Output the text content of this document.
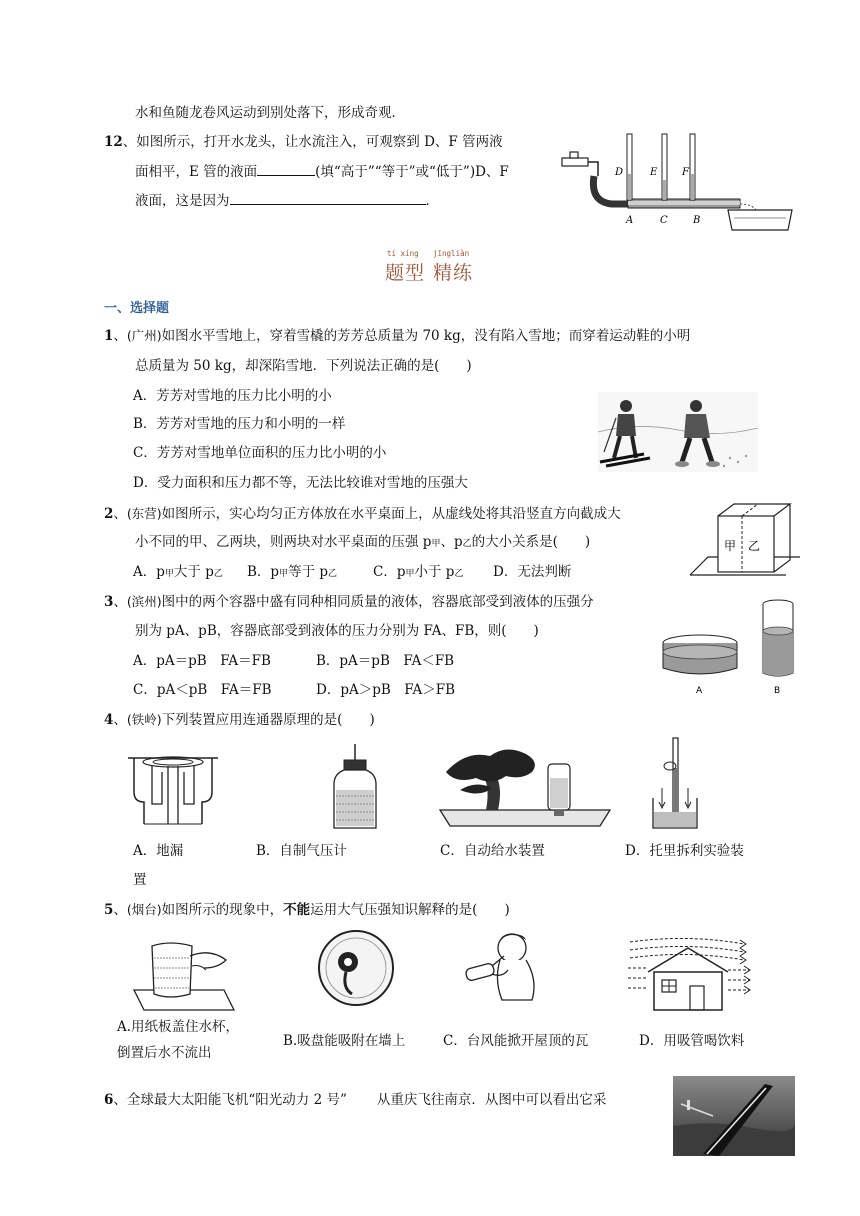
水和鱼随龙卷风运动到别处落下，形成奇观．
12、如图所示，打开水龙头，让水流注入，可观察到 D、F 管两液
面相平，E 管的液面	(填“高于”“等于”或“低于”)D、F
液面，这是因为	．
D	E F
A	C	B
tí xíng jīngliàn
题型 精练
一、选择题
1、(广州)如图水平雪地上，穿着雪橇的芳芳总质量为 70 kg，没有陷入雪地；而穿着运动鞋的小明
总质量为 50 kg，却深陷雪地．下列说法正确的是(　　)
A．芳芳对雪地的压力比小明的小
B．芳芳对雪地的压力和小明的一样
C．芳芳对雪地单位面积的压力比小明的小
D．受力面积和压力都不等，无法比较谁对雪地的压强大
2、(东营)如图所示，实心均匀正方体放在水平桌面上，从虚线处将其沿竖直方向截成大
小不同的甲、乙两块，则两块对水平桌面的压强 p甲、p乙的大小关系是(　　)
A．p甲大于 p乙 B．p甲等于 p乙	C．p甲小于 p乙 D．无法判断
甲 乙
3、(滨州)图中的两个容器中盛有同种相同质量的液体，容器底部受到液体的压强分
别为 pA、pB，容器底部受到液体的压力分别为 FA、FB，则(　　)
A．pA＝pB　FA＝FB	B．pA＝pB　FA＜FB
C．pA＜pB　FA＝FB	D．pA＞pB　FA＞FB	A	B
4、(铁岭)下列装置应用连通器原理的是(　　)
A．地漏
置
B．自制气压计	C．自动给水装置	D．托里拆利实验装
5、(烟台)如图所示的现象中，不能运用大气压强知识解释的是(　　)
A.用纸板盖住水杯，
倒置后水不流出
B.吸盘能吸附在墙上	C．台风能掀开屋顶的瓦	D．用吸管喝饮料
6、全球最大太阳能飞机“阳光动力 2 号” 从重庆飞往南京．从图中可以看出它采
